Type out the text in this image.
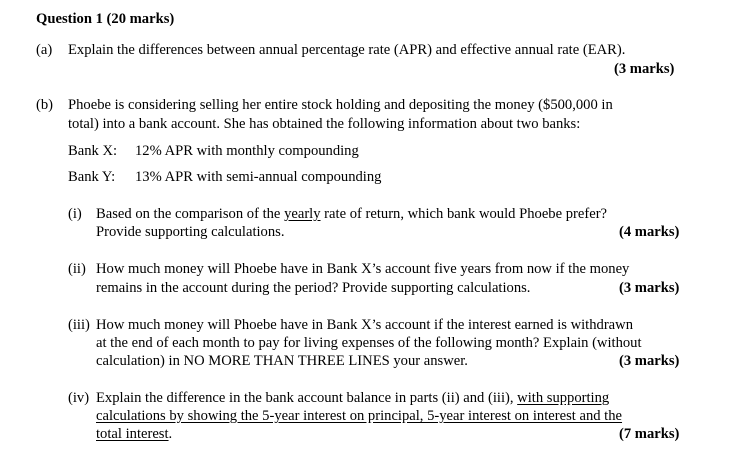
Question 1 (20 marks)
(a) Explain the differences between annual percentage rate (APR) and effective annual rate (EAR).
(3 marks)
(b) Phoebe is considering selling her entire stock holding and depositing the money ($500,000 in
total) into a bank account. She has obtained the following information about two banks:
Bank X: 12% APR with monthly compounding
Bank Y: 13% APR with semi-annual compounding
(i) Based on the comparison of the yearly rate of return, which bank would Phoebe prefer?
Provide supporting calculations.	(4 marks)
(ii) How much money will Phoebe have in Bank X’s account five years from now if the money
remains in the account during the period? Provide supporting calculations.	(3 marks)
(iii) How much money will Phoebe have in Bank X’s account if the interest earned is withdrawn
at the end of each month to pay for living expenses of the following month? Explain (without
calculation) in NO MORE THAN THREE LINES your answer.	(3 marks)
(iv) Explain the difference in the bank account balance in parts (ii) and (iii), with supporting
calculations by showing the 5-year interest on principal, 5-year interest on interest and the
total interest.	(7 marks)
